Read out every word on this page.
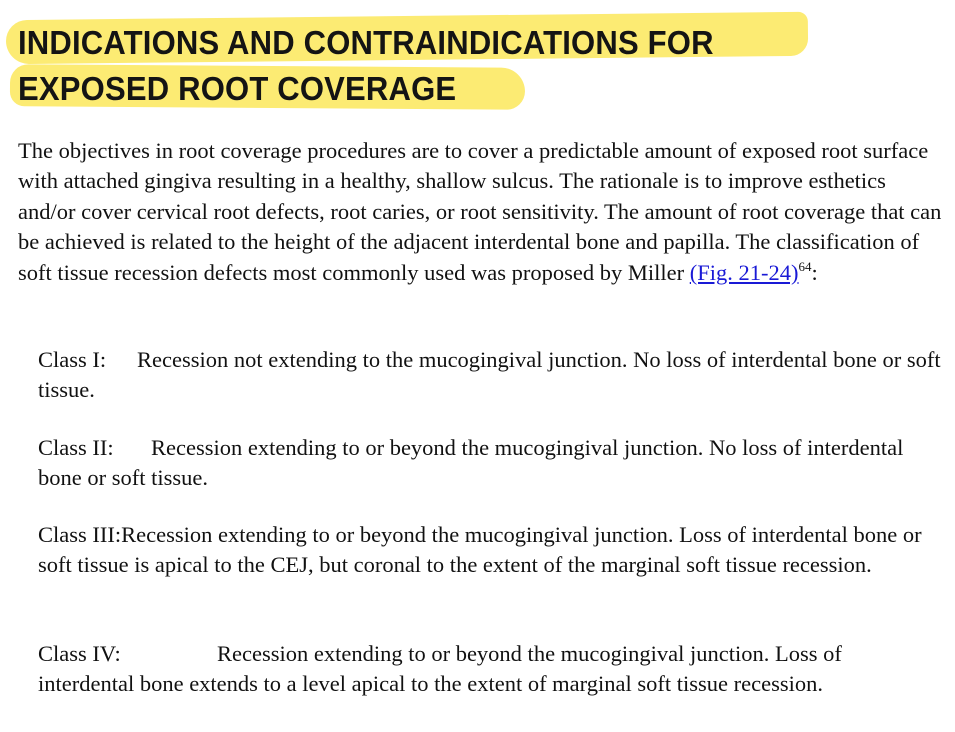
INDICATIONS AND CONTRAINDICATIONS FOR
EXPOSED ROOT COVERAGE

The objectives in root coverage procedures are to cover a predictable amount of exposed root surface with attached gingiva resulting in a healthy, shallow sulcus. The rationale is to improve esthetics and/or cover cervical root defects, root caries, or root sensitivity. The amount of root coverage that can be achieved is related to the height of the adjacent interdental bone and papilla. The classification of soft tissue recession defects most commonly used was proposed by Miller (Fig. 21-24)$^{64}$:

Class I: Recession not extending to the mucogingival junction. No loss of interdental bone or soft tissue.

Class II: Recession extending to or beyond the mucogingival junction. No loss of interdental bone or soft tissue.

Class III:Recession extending to or beyond the mucogingival junction. Loss of interdental bone or soft tissue is apical to the CEJ, but coronal to the extent of the marginal soft tissue recession.

Class IV:	Recession extending to or beyond the mucogingival junction. Loss of interdental bone extends to a level apical to the extent of marginal soft tissue recession.
